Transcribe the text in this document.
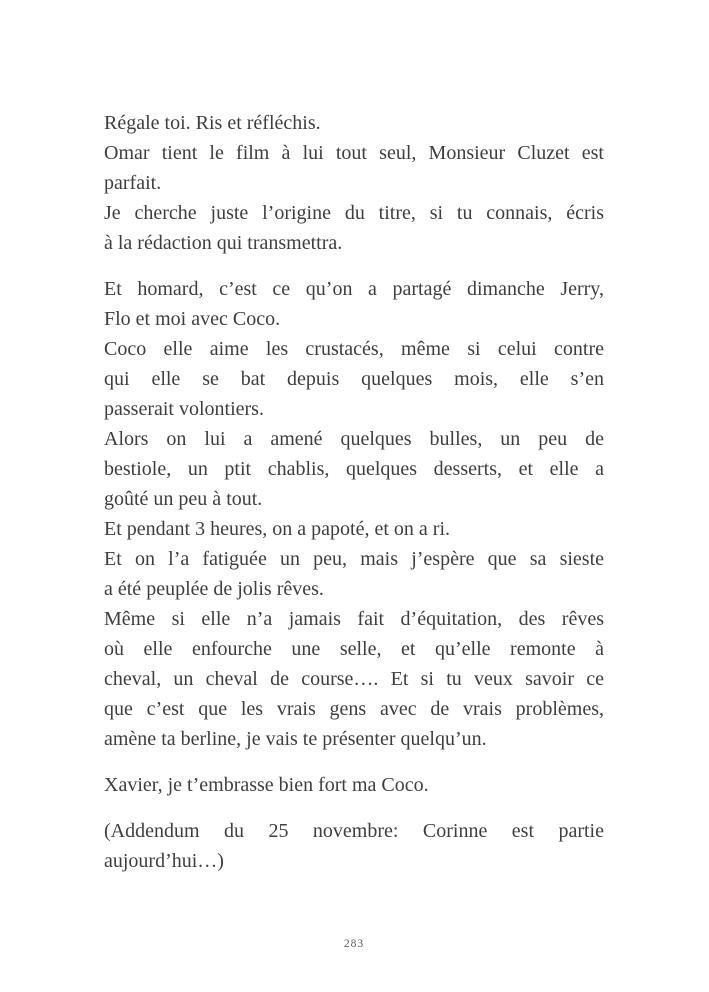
Régale toi. Ris et réfléchis.

Omar tient le film à lui tout seul, Monsieur Cluzet est
parfait.

Je cherche juste l’origine du titre, si tu connais, écris
à la rédaction qui transmettra.

Et homard, c’est ce qu’on a partagé dimanche Jerry,
Flo et moi avec Coco.

Coco elle aime les crustacés, même si celui contre
qui elle se bat depuis quelques mois, elle s’en
passerait volontiers.

Alors on lui a amené quelques bulles, un peu de
bestiole, un ptit chablis, quelques desserts, et elle a
goûté un peu à tout.

Et pendant 3 heures, on a papoté, et on a ri.

Et on l’a fatiguée un peu, mais j’espère que sa sieste
a été peuplée de jolis rêves.

Même si elle n’a jamais fait d’équitation, des rêves
où elle enfourche une selle, et qu’elle remonte à
cheval, un cheval de course…. Et si tu veux savoir ce
que c’est que les vrais gens avec de vrais problèmes,
amène ta berline, je vais te présenter quelqu’un.

Xavier, je t’embrasse bien fort ma Coco.

(Addendum du 25 novembre: Corinne est partie
aujourd’hui…)

283
